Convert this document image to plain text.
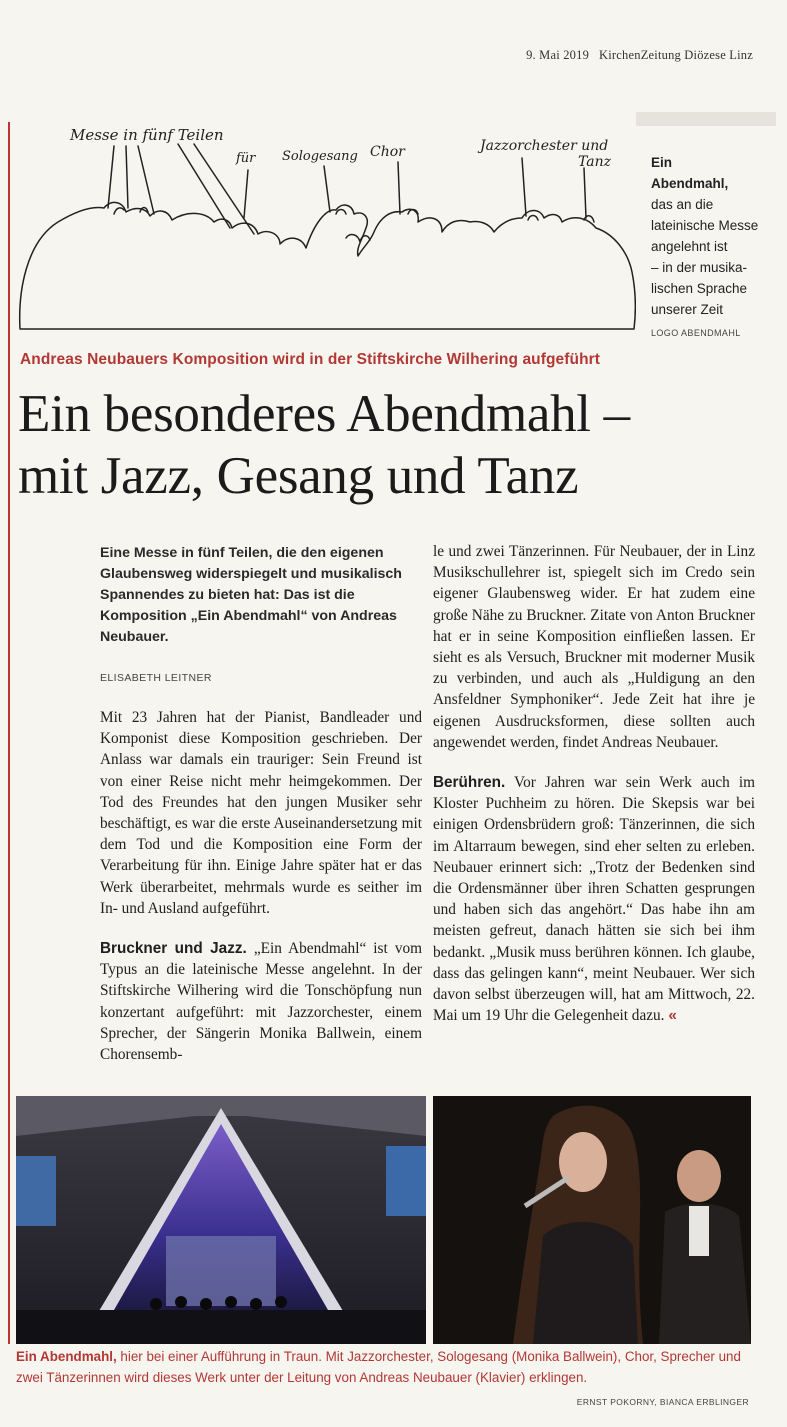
9. Mai 2019 KirchenZeitung Diözese Linz
Messe in fünf Teilen
für Sologesang Chor	Jazzorchester und
Tanz	Ein Abendmahl,
das an die
lateinische Messe
angelehnt ist
– in der musika-
lischen Sprache
unserer Zeit
LOGO ABENDMAHL
Andreas Neubauers Komposition wird in der Stiftskirche Wilhering aufgeführt
Ein besonderes Abendmahl –
mit Jazz, Gesang und Tanz
Eine Messe in fünf Teilen, die den eigenen Glaubensweg widerspiegelt und musikalisch Spannendes zu bieten hat: Das ist die Komposition „Ein Abendmahl“ von Andreas Neubauer.
ELISABETH LEITNER

Mit 23 Jahren hat der Pianist, Bandleader und Komponist diese Komposition geschrieben. Der Anlass war damals ein trauriger: Sein Freund ist von einer Reise nicht mehr heimgekommen. Der Tod des Freundes hat den jungen Musiker sehr beschäftigt, es war die erste Auseinandersetzung mit dem Tod und die Komposition eine Form der Verarbeitung für ihn. Einige Jahre später hat er das Werk überarbeitet, mehrmals wurde es seither im In- und Ausland aufgeführt.

Bruckner und Jazz. „Ein Abendmahl“ ist vom Typus an die lateinische Messe angelehnt. In der Stiftskirche Wilhering wird die Tonschöpfung nun konzertant aufgeführt: mit Jazzorchester, einem Sprecher, der Sängerin Monika Ballwein, einem Chorensemb-

le und zwei Tänzerinnen. Für Neubauer, der in Linz Musikschullehrer ist, spiegelt sich im Credo sein eigener Glaubensweg wider. Er hat zudem eine große Nähe zu Bruckner. Zitate von Anton Bruckner hat er in seine Komposition einfließen lassen. Er sieht es als Versuch, Bruckner mit moderner Musik zu verbinden, und auch als „Huldigung an den Ansfeldner Symphoniker“. Jede Zeit hat ihre je eigenen Ausdrucksformen, diese sollten auch angewendet werden, findet Andreas Neubauer.

Berühren. Vor Jahren war sein Werk auch im Kloster Puchheim zu hören. Die Skepsis war bei einigen Ordensbrüdern groß: Tänzerinnen, die sich im Altarraum bewegen, sind eher selten zu erleben. Neubauer erinnert sich: „Trotz der Bedenken sind die Ordensmänner über ihren Schatten gesprungen und haben sich das angehört.“ Das habe ihn am meisten gefreut, danach hätten sie sich bei ihm bedankt. „Musik muss berühren können. Ich glaube, dass das gelingen kann“, meint Neubauer. Wer sich davon selbst überzeugen will, hat am Mittwoch, 22. Mai um 19 Uhr die Gelegenheit dazu. «

Ein Abendmahl, hier bei einer Aufführung in Traun. Mit Jazzorchester, Sologesang (Monika Ballwein), Chor, Sprecher und zwei Tänzerinnen wird dieses Werk unter der Leitung von Andreas Neubauer (Klavier) erklingen.
ERNST POKORNY, BIANCA ERBLINGER
